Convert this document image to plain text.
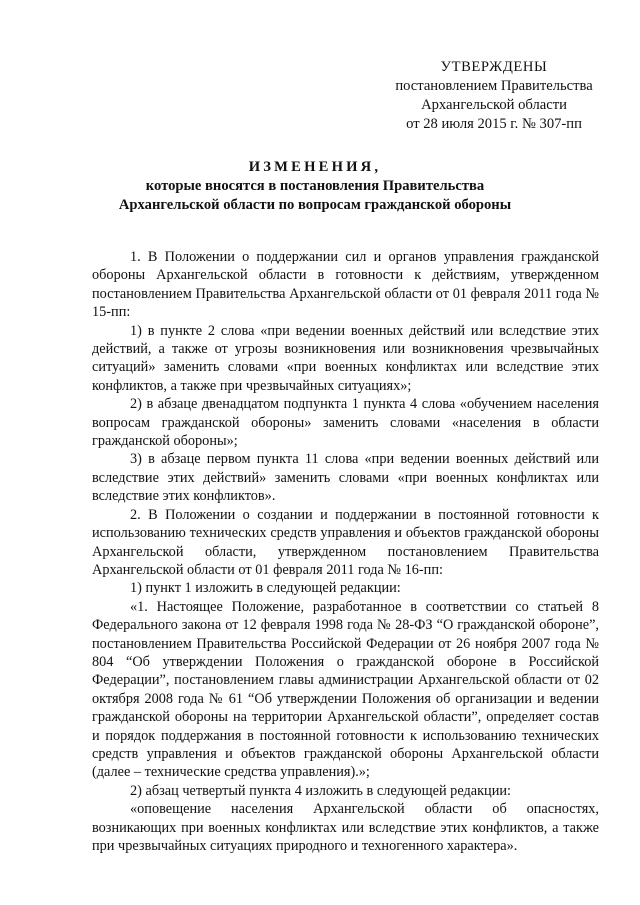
УТВЕРЖДЕНЫ
постановлением Правительства
Архангельской области
от 28 июля 2015 г. № 307-пп
ИЗМЕНЕНИЯ,
которые вносятся в постановления Правительства
Архангельской области по вопросам гражданской обороны

1. В Положении о поддержании сил и органов управления гражданской обороны Архангельской области в готовности к действиям, утвержденном постановлением Правительства Архангельской области от 01 февраля 2011 года № 15-пп:

1) в пункте 2 слова «при ведении военных действий или вследствие этих действий, а также от угрозы возникновения или возникновения чрезвычайных ситуаций» заменить словами «при военных конфликтах или вследствие этих конфликтов, а также при чрезвычайных ситуациях»;

2) в абзаце двенадцатом подпункта 1 пункта 4 слова «обучением населения вопросам гражданской обороны» заменить словами «населения в области гражданской обороны»;

3) в абзаце первом пункта 11 слова «при ведении военных действий или вследствие этих действий» заменить словами «при военных конфликтах или вследствие этих конфликтов».

2. В Положении о создании и поддержании в постоянной готовности к использованию технических средств управления и объектов гражданской обороны Архангельской области, утвержденном постановлением Правительства Архангельской области от 01 февраля 2011 года № 16-пп:

1) пункт 1 изложить в следующей редакции:

«1. Настоящее Положение, разработанное в соответствии со статьей 8 Федерального закона от 12 февраля 1998 года № 28-ФЗ “О гражданской обороне”, постановлением Правительства Российской Федерации от 26 ноября 2007 года № 804 “Об утверждении Положения о гражданской обороне в Российской Федерации”, постановлением главы администрации Архангельской области от 02 октября 2008 года № 61 “Об утверждении Положения об организации и ведении гражданской обороны на территории Архангельской области”, определяет состав и порядок поддержания в постоянной готовности к использованию технических средств управления и объектов гражданской обороны Архангельской области (далее – технические средства управления).»;

2) абзац четвертый пункта 4 изложить в следующей редакции:

«оповещение населения Архангельской области об опасностях, возникающих при военных конфликтах или вследствие этих конфликтов, а также при чрезвычайных ситуациях природного и техногенного характера».
